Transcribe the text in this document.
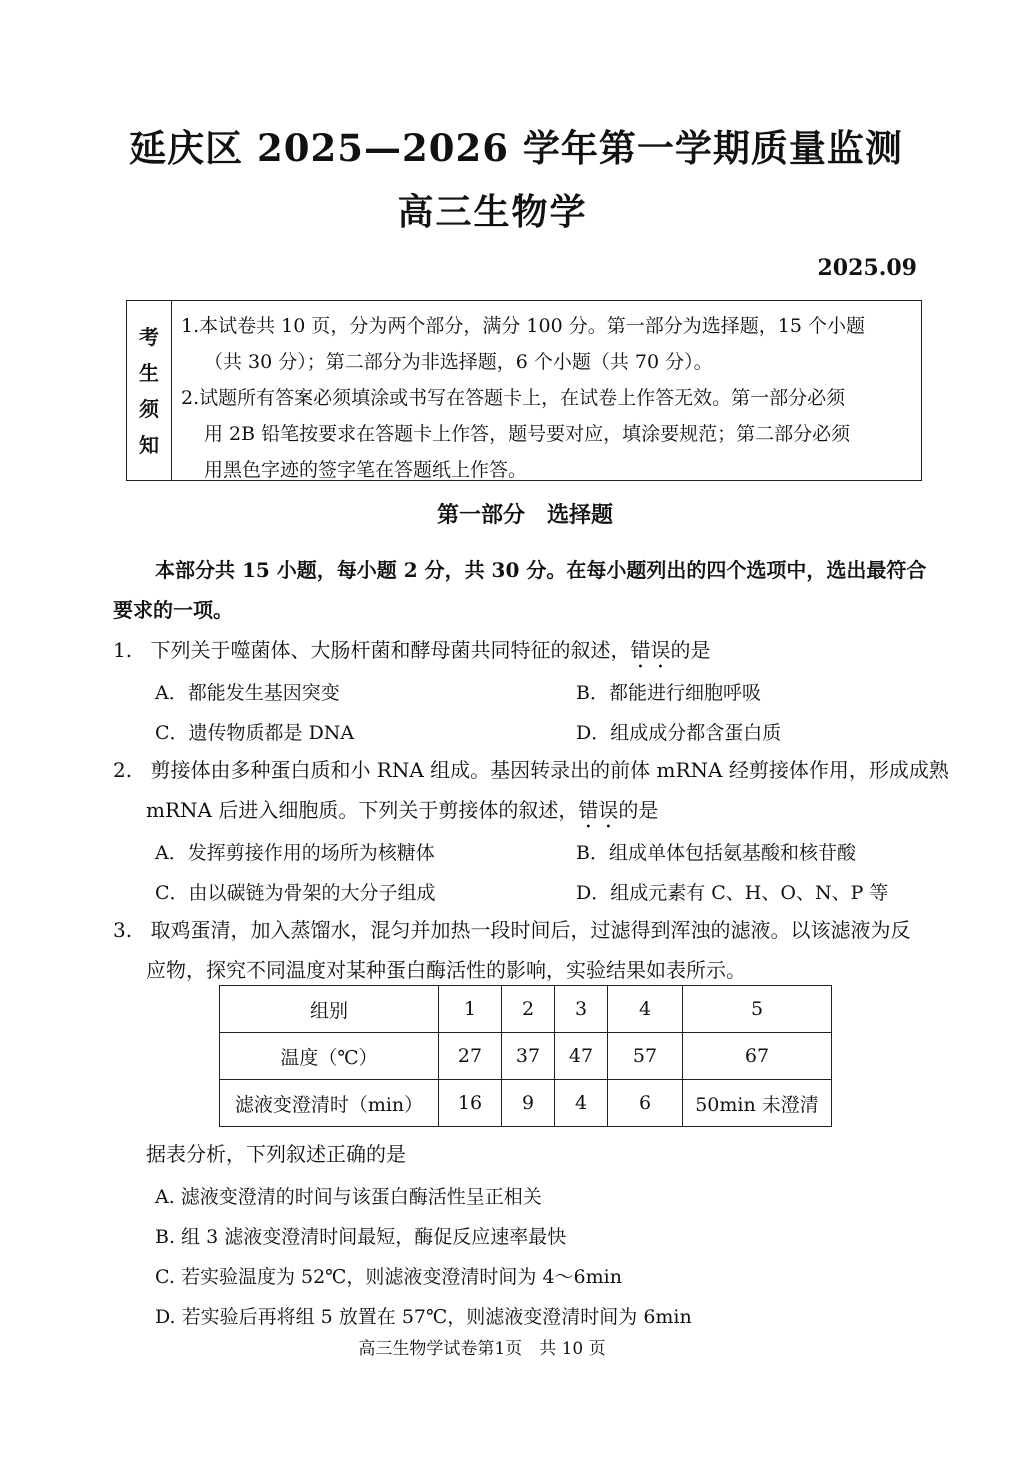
延庆区 2025—2026 学年第一学期质量监测
高三生物学
2025.09
考
生
须
知
1.本试卷共 10 页，分为两个部分，满分 100 分。第一部分为选择题，15 个小题
（共 30 分）；第二部分为非选择题，6 个小题（共 70 分）。
2.试题所有答案必须填涂或书写在答题卡上，在试卷上作答无效。第一部分必须
用 2B 铅笔按要求在答题卡上作答，题号要对应，填涂要规范；第二部分必须
用黑色字迹的签字笔在答题纸上作答。
第一部分　选择题
本部分共 15 小题，每小题 2 分，共 30 分。在每小题列出的四个选项中，选出最符合
要求的一项。
1. 下列关于噬菌体、大肠杆菌和酵母菌共同特征的叙述，错误的是
A．都能发生基因突变	B．都能进行细胞呼吸
C．遗传物质都是 DNA	D．组成成分都含蛋白质
2. 剪接体由多种蛋白质和小 RNA 组成。基因转录出的前体 mRNA 经剪接体作用，形成成熟
mRNA 后进入细胞质。下列关于剪接体的叙述，错误的是
A．发挥剪接作用的场所为核糖体	B．组成单体包括氨基酸和核苷酸
C．由以碳链为骨架的大分子组成	D．组成元素有 C、H、O、N、P 等
3. 取鸡蛋清，加入蒸馏水，混匀并加热一段时间后，过滤得到浑浊的滤液。以该滤液为反
应物，探究不同温度对某种蛋白酶活性的影响，实验结果如表所示。
组别	1	2	3	4	5
温度（℃）	27	37	47	57	67
滤液变澄清时（min）	16	9	4	6	50min 未澄清
据表分析，下列叙述正确的是
A. 滤液变澄清的时间与该蛋白酶活性呈正相关
B. 组 3 滤液变澄清时间最短，酶促反应速率最快
C. 若实验温度为 52℃，则滤液变澄清时间为 4～6min
D. 若实验后再将组 5 放置在 57℃，则滤液变澄清时间为 6min
高三生物学试卷第1页　共 10 页
